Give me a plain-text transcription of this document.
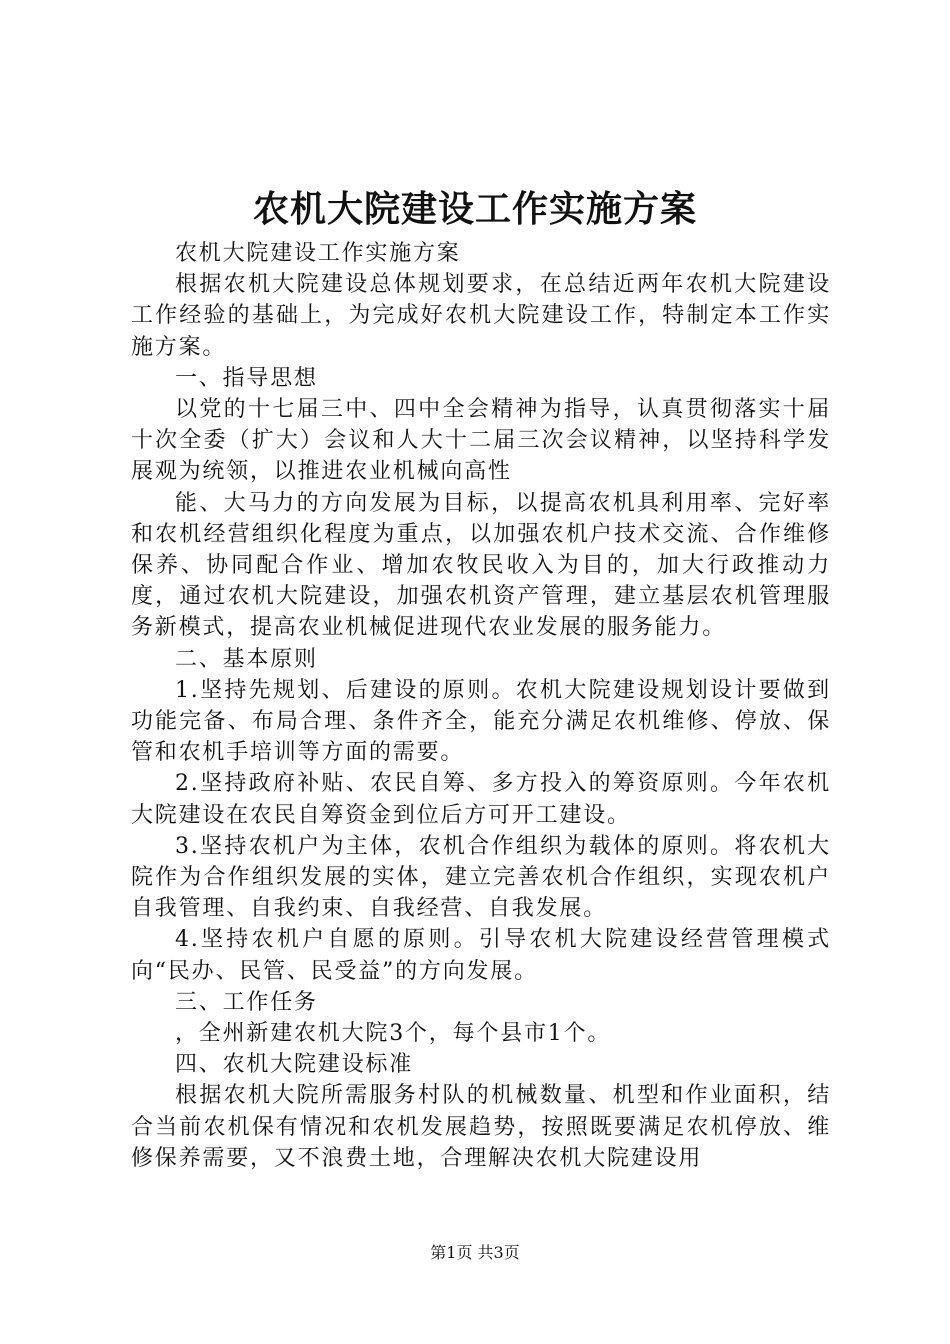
农机大院建设工作实施方案

农机大院建设工作实施方案

根据农机大院建设总体规划要求，在总结近两年农机大院建设工作经验的基础上，为完成好农机大院建设工作，特制定本工作实施方案。

一、指导思想

以党的十七届三中、四中全会精神为指导，认真贯彻落实十届十次全委（扩大）会议和人大十二届三次会议精神，以坚持科学发展观为统领，以推进农业机械向高性

能、大马力的方向发展为目标，以提高农机具利用率、完好率和农机经营组织化程度为重点，以加强农机户技术交流、合作维修保养、协同配合作业、增加农牧民收入为目的，加大行政推动力度，通过农机大院建设，加强农机资产管理，建立基层农机管理服务新模式，提高农业机械促进现代农业发展的服务能力。

二、基本原则

1.坚持先规划、后建设的原则。农机大院建设规划设计要做到功能完备、布局合理、条件齐全，能充分满足农机维修、停放、保管和农机手培训等方面的需要。

2.坚持政府补贴、农民自筹、多方投入的筹资原则。今年农机大院建设在农民自筹资金到位后方可开工建设。

3.坚持农机户为主体，农机合作组织为载体的原则。将农机大院作为合作组织发展的实体，建立完善农机合作组织，实现农机户自我管理、自我约束、自我经营、自我发展。

4.坚持农机户自愿的原则。引导农机大院建设经营管理模式向“民办、民管、民受益”的方向发展。

三、工作任务

，全州新建农机大院3个，每个县市1个。

四、农机大院建设标准

根据农机大院所需服务村队的机械数量、机型和作业面积，结合当前农机保有情况和农机发展趋势，按照既要满足农机停放、维修保养需要，又不浪费土地，合理解决农机大院建设用

第1页 共3页
